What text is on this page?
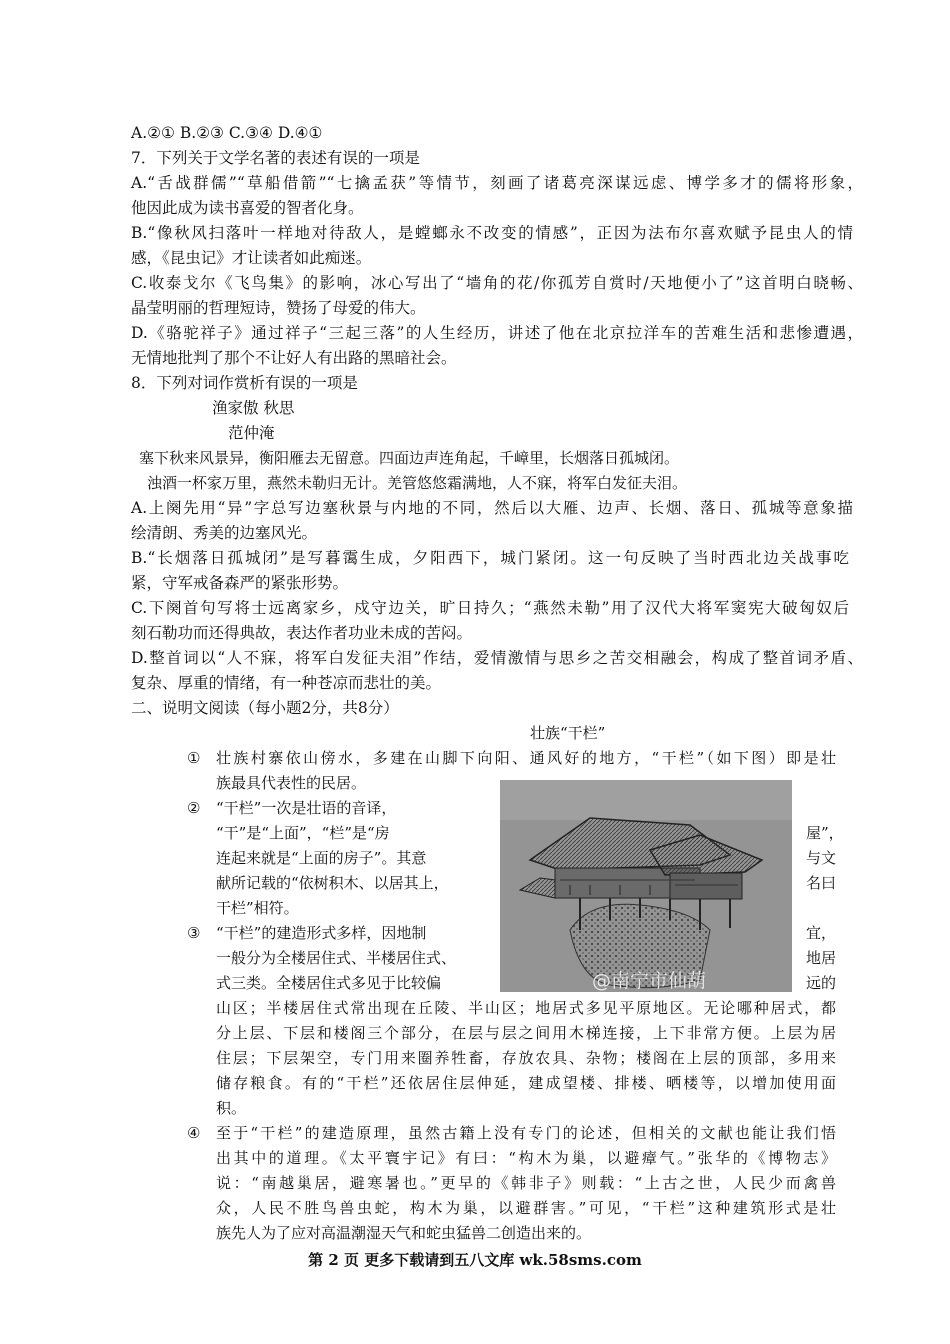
A.②① B.②③ C.③④ D.④①
7．下列关于文学名著的表述有误的一项是
A.“舌战群儒”“草船借箭”“七擒孟获”等情节，刻画了诸葛亮深谋远虑、博学多才的儒将形象，
他因此成为读书喜爱的智者化身。
B.“像秋风扫落叶一样地对待敌人，是螳螂永不改变的情感”，正因为法布尔喜欢赋予昆虫人的情
感，《昆虫记》才让读者如此痴迷。
C.收泰戈尔《飞鸟集》的影响，冰心写出了“墙角的花/你孤芳自赏时/天地便小了”这首明白晓畅、
晶莹明丽的哲理短诗，赞扬了母爱的伟大。
D.《骆驼祥子》通过祥子“三起三落”的人生经历，讲述了他在北京拉洋车的苦难生活和悲惨遭遇，
无情地批判了那个不让好人有出路的黑暗社会。
8．下列对词作赏析有误的一项是
渔家傲 秋思
范仲淹
塞下秋来风景异，衡阳雁去无留意。四面边声连角起，千嶂里，长烟落日孤城闭。
浊酒一杯家万里，燕然未勒归无计。羌管悠悠霜满地，人不寐，将军白发征夫泪。
A.上阕先用“异”字总写边塞秋景与内地的不同，然后以大雁、边声、长烟、落日、孤城等意象描
绘清朗、秀美的边塞风光。
B.“长烟落日孤城闭”是写暮霭生成，夕阳西下，城门紧闭。这一句反映了当时西北边关战事吃
紧，守军戒备森严的紧张形势。
C.下阕首句写将士远离家乡，戍守边关，旷日持久；“燕然未勒”用了汉代大将军窦宪大破匈奴后
刻石勒功而还得典故，表达作者功业未成的苦闷。
D.整首词以“人不寐，将军白发征夫泪”作结，爱情激情与思乡之苦交相融会，构成了整首词矛盾、
复杂、厚重的情绪，有一种苍凉而悲壮的美。
二、说明文阅读（每小题2分，共8分）
壮族“干栏”
① 壮族村寨依山傍水，多建在山脚下向阳、通风好的地方，“干栏”（如下图）即是壮
族最具代表性的民居。
② “干栏”一次是壮语的音译，
“干”是“上面”，“栏”是“房	屋”，
连起来就是“上面的房子”。其意	与文
献所记载的“依树积木、以居其上，	名曰
干栏”相符。
③ “干栏”的建造形式多样，因地制	宜，
一般分为全楼居住式、半楼居住式、	地居
式三类。全楼居住式多见于比较偏	远的
山区；半楼居住式常出现在丘陵、半山区；地居式多见平原地区。无论哪种居式，都
分上层、下层和楼阁三个部分，在层与层之间用木梯连接，上下非常方便。上层为居
住层；下层架空，专门用来圈养牲畜，存放农具、杂物；楼阁在上层的顶部，多用来
储存粮食。有的“干栏”还依居住层伸延，建成望楼、排楼、晒楼等，以增加使用面
积。
④ 至于“干栏”的建造原理，虽然古籍上没有专门的论述，但相关的文献也能让我们悟
出其中的道理。《太平寰宇记》有曰：“构木为巢，以避瘴气。”张华的《博物志》
说：“南越巢居，避寒暑也。”更早的《韩非子》则载：“上古之世，人民少而禽兽
众，人民不胜鸟兽虫蛇，构木为巢，以避群害。”可见，“干栏”这种建筑形式是壮
族先人为了应对高温潮湿天气和蛇虫猛兽二创造出来的。
@南宁市仙葫
第 2 页 更多下载请到五八文库 wk.58sms.com
